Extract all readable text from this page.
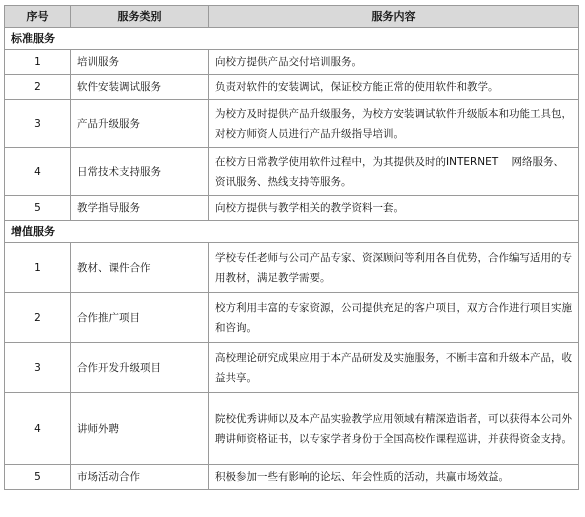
序号	服务类别	服务内容
标准服务		
1	培训服务	向校方提供产品交付培训服务。
2	软件安装调试服务	负责对软件的安装调试，保证校方能正常的使用软件和教学。
3	产品升级服务	为校方及时提供产品升级服务，为校方安装调试软件升级版本和功能工具包，对校方师资人员进行产品升级指导培训。
4	日常技术支持服务	在校方日常教学使用软件过程中，为其提供及时的INTERNET    网络服务、资讯服务、热线支持等服务。
5	教学指导服务	向校方提供与教学相关的教学资料一套。
增值服务		
1	教材、课件合作	学校专任老师与公司产品专家、资深顾问等利用各自优势，合作编写适用的专用教材，满足教学需要。
2	合作推广项目	校方利用丰富的专家资源，公司提供充足的客户项目，双方合作进行项目实施和咨询。
3	合作开发升级项目	高校理论研究成果应用于本产品研发及实施服务，不断丰富和升级本产品，收益共享。
4	讲师外聘	院校优秀讲师以及本产品实验教学应用领域有精深造诣者，可以获得本公司外聘讲师资格证书，以专家学者身份于全国高校作课程巡讲，并获得资金支持。
5	市场活动合作	积极参加一些有影响的论坛、年会性质的活动，共赢市场效益。
